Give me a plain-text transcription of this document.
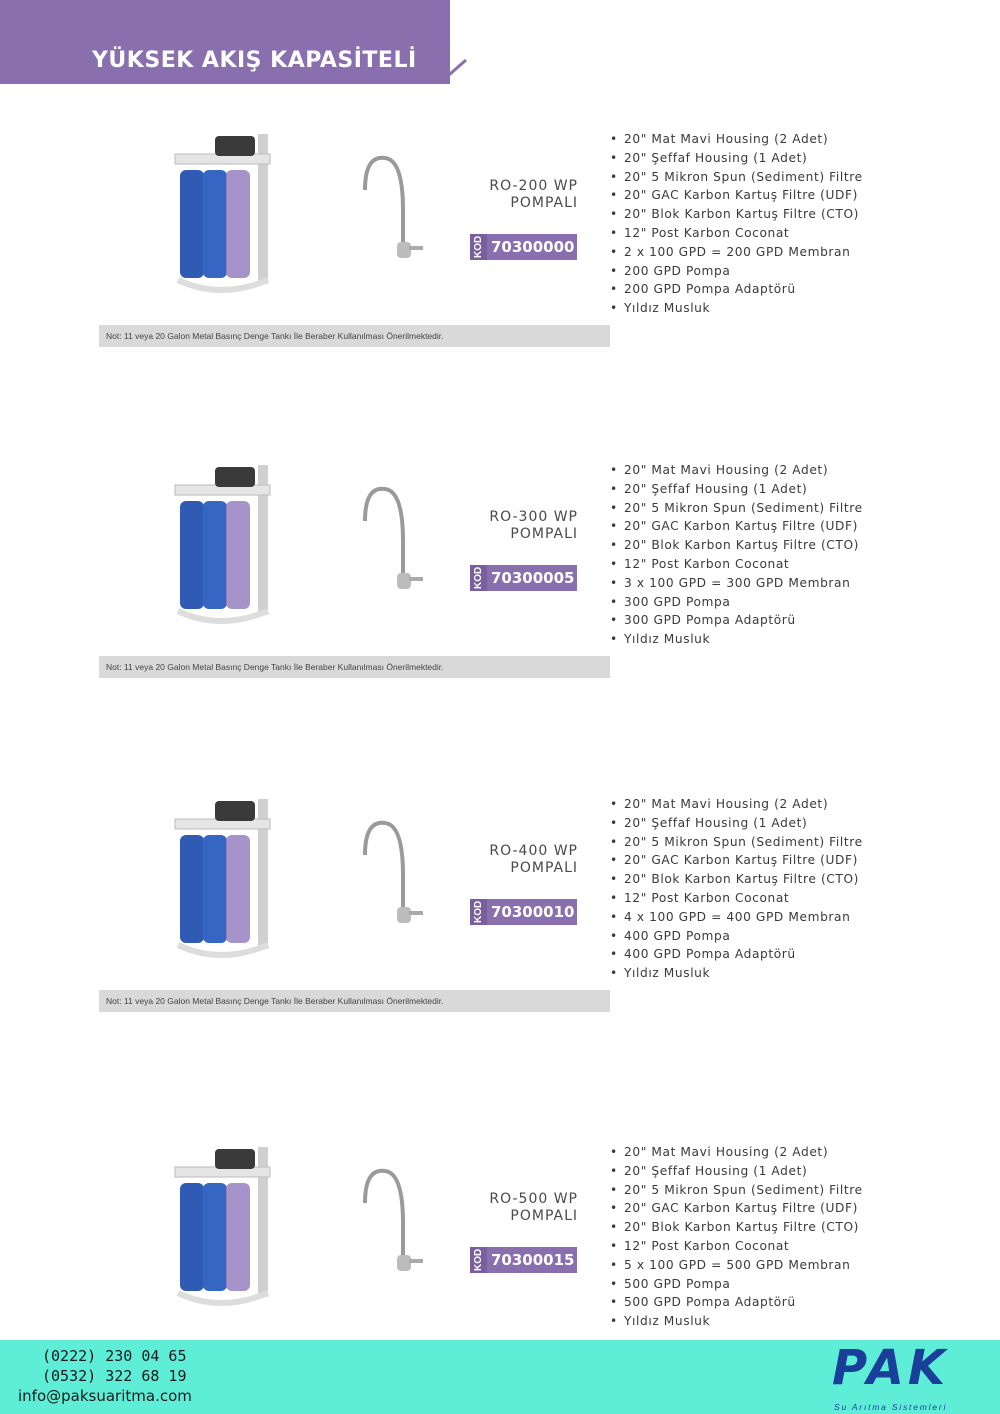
YÜKSEK AKIŞ KAPASİTELİ
RO-200 WP
POMPALI
KOD 70300000
• 20" Mat Mavi Housing (2 Adet)
• 20" Şeffaf Housing (1 Adet)
• 20" 5 Mikron Spun (Sediment) Filtre
• 20" GAC Karbon Kartuş Filtre (UDF)
• 20" Blok Karbon Kartuş Filtre (CTO)
• 12" Post Karbon Coconat
• 2 x 100 GPD = 200 GPD Membran
• 200 GPD Pompa
• 200 GPD Pompa Adaptörü
• Yıldız Musluk
Not: 11 veya 20 Galon Metal Basınç Denge Tankı İle Beraber Kullanılması Önerilmektedir.
RO-300 WP
POMPALI
KOD 70300005
• 20" Mat Mavi Housing (2 Adet)
• 20" Şeffaf Housing (1 Adet)
• 20" 5 Mikron Spun (Sediment) Filtre
• 20" GAC Karbon Kartuş Filtre (UDF)
• 20" Blok Karbon Kartuş Filtre (CTO)
• 12" Post Karbon Coconat
• 3 x 100 GPD = 300 GPD Membran
• 300 GPD Pompa
• 300 GPD Pompa Adaptörü
• Yıldız Musluk
Not: 11 veya 20 Galon Metal Basınç Denge Tankı İle Beraber Kullanılması Önerilmektedir.
RO-400 WP
POMPALI
KOD 70300010
• 20" Mat Mavi Housing (2 Adet)
• 20" Şeffaf Housing (1 Adet)
• 20" 5 Mikron Spun (Sediment) Filtre
• 20" GAC Karbon Kartuş Filtre (UDF)
• 20" Blok Karbon Kartuş Filtre (CTO)
• 12" Post Karbon Coconat
• 4 x 100 GPD = 400 GPD Membran
• 400 GPD Pompa
• 400 GPD Pompa Adaptörü
• Yıldız Musluk
Not: 11 veya 20 Galon Metal Basınç Denge Tankı İle Beraber Kullanılması Önerilmektedir.
RO-500 WP
POMPALI
KOD 70300015
• 20" Mat Mavi Housing (2 Adet)
• 20" Şeffaf Housing (1 Adet)
• 20" 5 Mikron Spun (Sediment) Filtre
• 20" GAC Karbon Kartuş Filtre (UDF)
• 20" Blok Karbon Kartuş Filtre (CTO)
• 12" Post Karbon Coconat
• 5 x 100 GPD = 500 GPD Membran
• 500 GPD Pompa
• 500 GPD Pompa Adaptörü
• Yıldız Musluk
(0222) 230 04 65
(0532) 322 68 19
info@paksuaritma.com	PAK
Su Arıtma Sistemleri
